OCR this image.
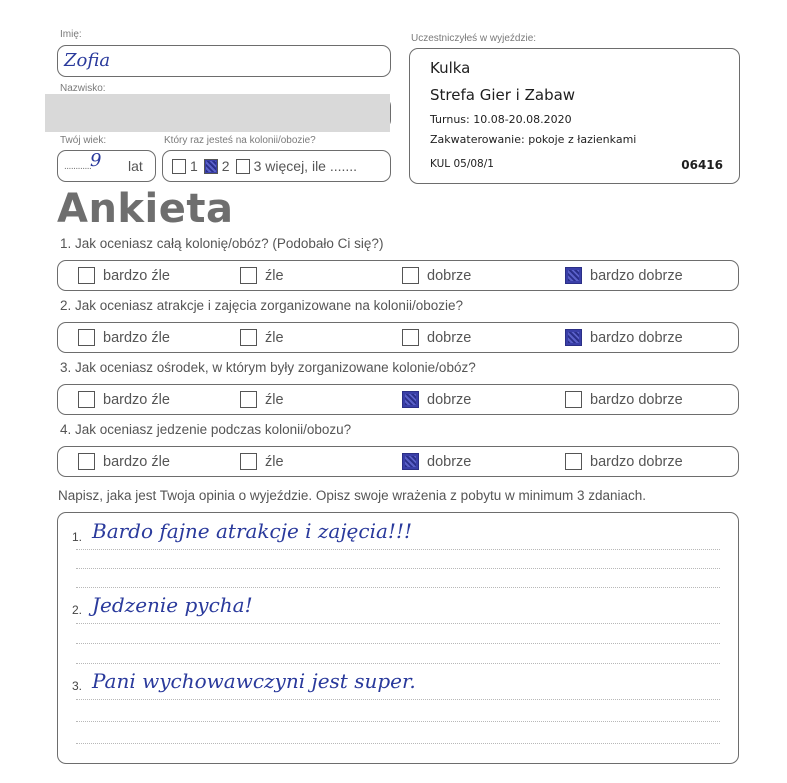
Imię:
Zofia
Nazwisko:
Twój wiek:
............
9 lat
Który raz jesteś na kolonii/obozie?
1 2 3 więcej, ile .......
Uczestniczyłeś w wyjeździe:
Kulka
Strefa Gier i Zabaw
Turnus: 10.08-20.08.2020
Zakwaterowanie: pokoje z łazienkami
KUL 05/08/1	06416
Ankieta
1. Jak oceniasz całą kolonię/obóz? (Podobało Ci się?)
bardzo źle	źle	dobrze	bardzo dobrze
2. Jak oceniasz atrakcje i zajęcia zorganizowane na kolonii/obozie?
bardzo źle	źle	dobrze	bardzo dobrze
3. Jak oceniasz ośrodek, w którym były zorganizowane kolonie/obóz?
bardzo źle	źle	dobrze	bardzo dobrze
4. Jak oceniasz jedzenie podczas kolonii/obozu?
bardzo źle	źle	dobrze	bardzo dobrze
Napisz, jaka jest Twoja opinia o wyjeździe. Opisz swoje wrażenia z pobytu w minimum 3 zdaniach.
1. Bardo fajne atrakcje i zajęcia!!!
2. Jedzenie pycha!
3. Pani wychowawczyni jest super.
